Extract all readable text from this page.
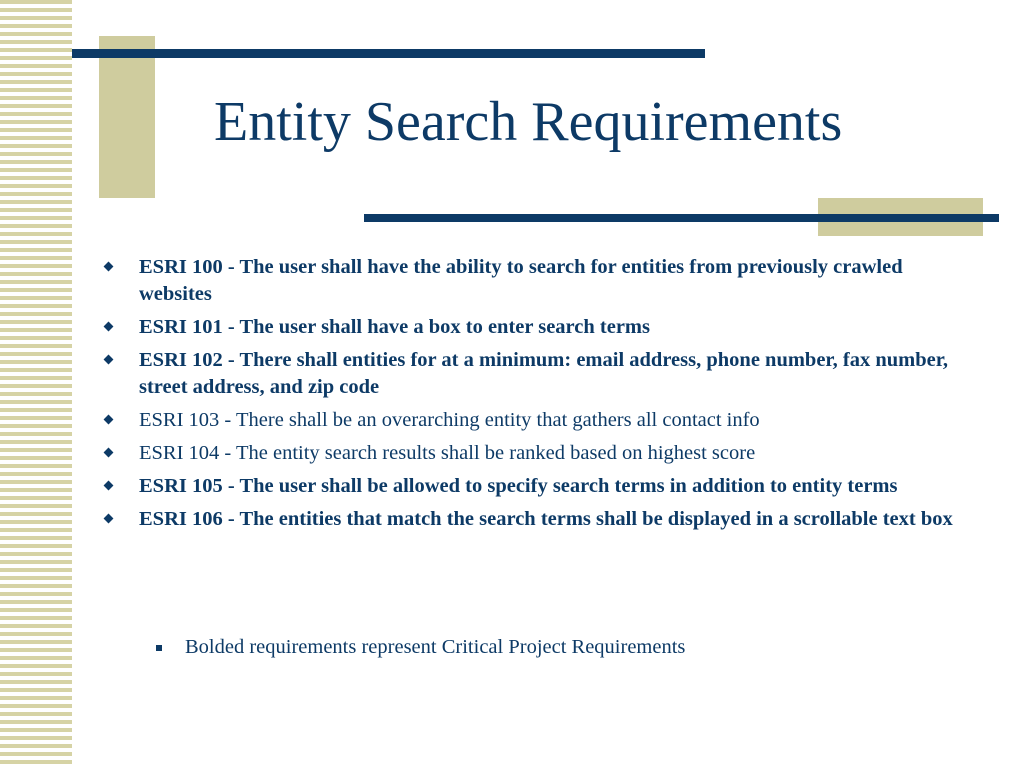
Entity Search Requirements
ESRI 100 - The user shall have the ability to search for entities from previously crawled websites
ESRI 101 - The user shall have a box to enter search terms
ESRI 102 - There shall entities for at a minimum: email address, phone number, fax number, street address, and zip code
ESRI 103 - There shall be an overarching entity that gathers all contact info
ESRI 104 - The entity search results shall be ranked based on highest score
ESRI 105 - The user shall be allowed to specify search terms in addition to entity terms
ESRI 106 - The entities that match the search terms shall be displayed in a scrollable text box
Bolded requirements represent Critical Project Requirements
